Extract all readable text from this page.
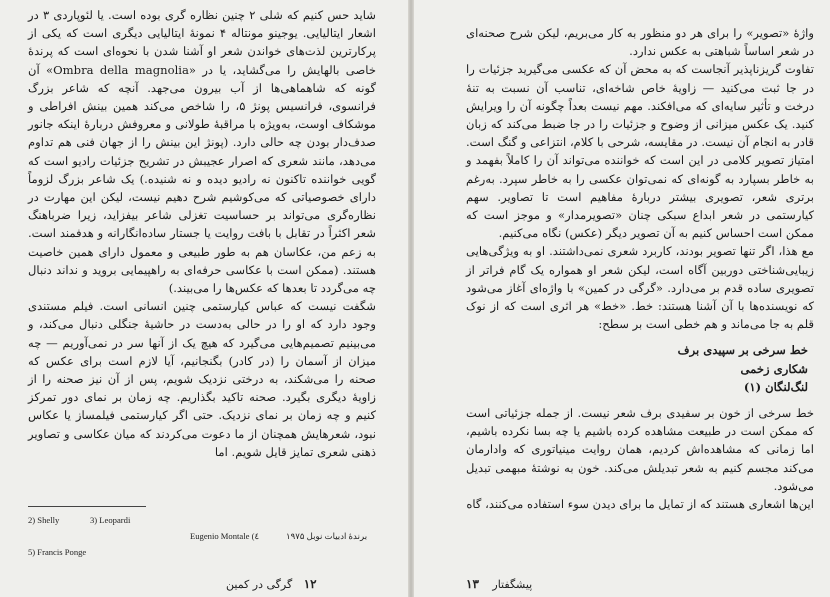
شاید حس کنیم که شلی ۲ چنین نظاره گری بوده است. یا لئوپاردی ۳ در اشعار ایتالیایی. یوجینو مونتاله ۴ نمونهٔ ایتالیایی دیگری است که یکی از پرکارترین لذت‌های خواندن شعر او آشنا شدن با نحوه‌ای است که پرندهٔ خاصی بالهایش را می‌گشاید، یا در «Ombra della magnolia» آن گونه که شاهماهی‌ها از آب بیرون می‌جهد. آنچه که شاعر بزرگ فرانسوی، فرانسیس پونژ ۵، را شاخص می‌کند همین بینش افراطی و موشکاف اوست، به‌ویژه با مراقبهٔ طولانی و معروفش دربارهٔ اینکه جانور صدف‌دار بودن چه حالی دارد. (پونژ این بینش را از جهان فنی هم تداوم می‌دهد، مانند شعری که اصرار عجیبش در تشریح جزئیات رادیو است که گویی خواننده تاکنون نه رادیو دیده و نه شنیده.) یک شاعر بزرگ لزوماً دارای خصوصیاتی که می‌کوشیم شرح دهیم نیست، لیکن این مهارت در نظاره‌گری می‌تواند بر حساسیت تغزلی شاعر بیفزاید، زیرا ضرباهنگ شعر اکثراً در تقابل با بافت روایت یا جستار ساده‌انگارانه و هدفمند است. به زعم من، عکاسان هم به طور طبیعی و معمول دارای همین خاصیت هستند. (ممکن است با عکاسی حرفه‌ای به راهپیمایی بروید و نداند دنبال چه می‌گردد تا بعدها که عکس‌ها را می‌بیند.)

شگفت نیست که عباس کیارستمی چنین انسانی است. فیلم مستندی وجود دارد که او را در حالی به‌دست در حاشیهٔ جنگلی دنبال می‌کند، و می‌بینیم تصمیم‌هایی می‌گیرد که هیچ یک از آنها سر در نمی‌آوریم — چه میزان از آسمان را (در کادر) بگنجانیم، آیا لازم است برای عکس که صحنه را می‌شکند، به درختی نزدیک شویم، پس از آن نیز صحنه را از زاویهٔ دیگری بگیرد. صحنه تاکید بگذاریم. چه زمان بر نمای دور تمرکز کنیم و چه زمان بر نمای نزدیک. حتی اگر کیارستمی فیلمساز یا عکاس نبود، شعرهایش همچنان از ما دعوت می‌کردند که میان عکاسی و تصاویر ذهنی شعری تمایز قایل شویم. اما

2) Shelly	3) Leopardi
Eugenio Montale (٤	برندهٔ ادبیات نوبل ۱۹۷۵
5) Francis Ponge
۱۲ گرگی در کمین

واژهٔ «تصویر» را برای هر دو منظور به کار می‌بریم، لیکن شرح صحنه‌ای در شعر اساساً شباهتی به عکس ندارد.

تفاوت گریزناپذیر آنجاست که به محض آن که عکسی می‌گیرید جزئیات را در جا ثبت می‌کنید — زاویهٔ خاص شاخه‌ای، تناسب آن نسبت به تنهٔ درخت و تأثیر سایه‌ای که می‌افکند. مهم نیست بعداً چگونه آن را ویرایش کنید. یک عکس میزانی از وضوح و جزئیات را در جا ضبط می‌کند که زبان قادر به انجام آن نیست. در مقایسه، شرحی با کلام، انتزاعی و گنگ است. امتیاز تصویر کلامی در این است که خواننده می‌تواند آن را کاملاً بفهمد و به خاطر بسپارد به گونه‌ای که نمی‌توان عکسی را به خاطر سپرد. به‌رغم برتری شعر، تصویری بیشتر دربارهٔ مفاهیم است تا تصاویر. سهم کیارستمی در شعر ابداع سبکی چنان «تصویرمدار» و موجز است که ممکن است احساس کنیم به آن تصویر دیگر (عکس) نگاه می‌کنیم.

مع هذا، اگر تنها تصویر بودند، کاربرد شعری نمی‌داشتند. او به ویژگی‌هایی زیبایی‌شناختی دوربین آگاه است، لیکن شعر او همواره یک گام فراتر از تصویری ساده قدم بر می‌دارد. «گرگی در کمین» با واژه‌ای آغاز می‌شود که نویسنده‌ها با آن آشنا هستند: خط. «خط» هر اثری است که از نوک قلم به جا می‌ماند و هم خطی است بر سطح:

خط سرخی بر سپیدی برف

شکاری زخمی

لنگ‌لنگان (۱)

خط سرخی از خون بر سفیدی برف شعر نیست. از جمله جزئیاتی است که ممکن است در طبیعت مشاهده کرده باشیم یا چه بسا نکرده باشیم، اما زمانی که مشاهده‌اش کردیم، همان روایت مینیاتوری که وادارمان می‌کند مجسم کنیم به شعر تبدیلش می‌کند. خون به نوشتهٔ مبهمی تبدیل می‌شود.

این‌ها اشعاری هستند که از تمایل ما برای دیدن سوء استفاده می‌کنند، گاه

پیشگفتار ۱۳
